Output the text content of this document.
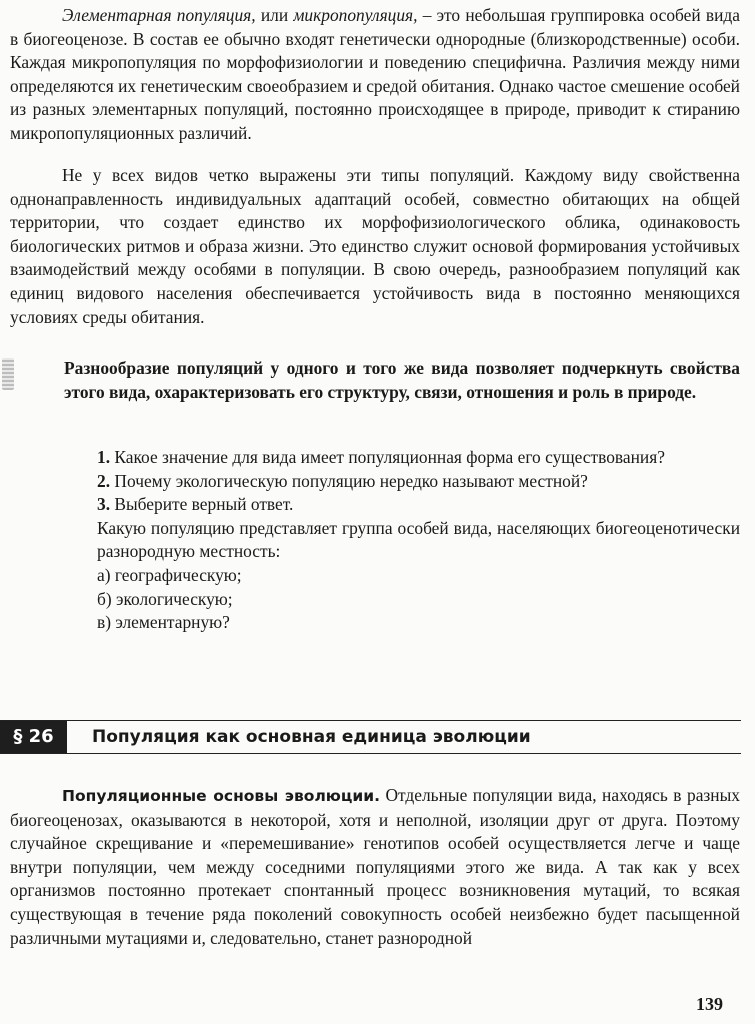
Элементарная популяция, или микропопуляция, – это небольшая группировка особей вида в биогеоценозе. В состав ее обычно входят генетически однородные (близкородственные) особи. Каждая микропопуляция по морфофизиологии и поведению специфична. Различия между ними определяются их генетическим своеобразием и средой обитания. Однако частое смешение особей из разных элементарных популяций, постоянно происходящее в природе, приводит к стиранию микропопуляционных различий.

Не у всех видов четко выражены эти типы популяций. Каждому виду свойственна однонаправленность индивидуальных адаптаций особей, совместно обитающих на общей территории, что создает единство их морфофизиологического облика, одинаковость биологических ритмов и образа жизни. Это единство служит основой формирования устойчивых взаимодействий между особями в популяции. В свою очередь, разнообразием популяций как единиц видового населения обеспечивается устойчивость вида в постоянно меняющихся условиях среды обитания.

Разнообразие популяций у одного и того же вида позволяет подчеркнуть свойства этого вида, охарактеризовать его структуру, связи, отношения и роль в природе.

1. Какое значение для вида имеет популяционная форма его существования?

2. Почему экологическую популяцию нередко называют местной?

3. Выберите верный ответ.

Какую популяцию представляет группа особей вида, населяющих биогеоценотически разнородную местность:

а) географическую;

б) экологическую;

в) элементарную?

§ 26	Популяция как основная единица эволюции

Популяционные основы эволюции. Отдельные популяции вида, находясь в разных биогеоценозах, оказываются в некоторой, хотя и неполной, изоляции друг от друга. Поэтому случайное скрещивание и «перемешивание» генотипов особей осуществляется легче и чаще внутри популяции, чем между соседними популяциями этого же вида. А так как у всех организмов постоянно протекает спонтанный процесс возникновения мутаций, то всякая существующая в течение ряда поколений совокупность особей неизбежно будет пасыщенной различными мутациями и, следовательно, станет разнородной

139
